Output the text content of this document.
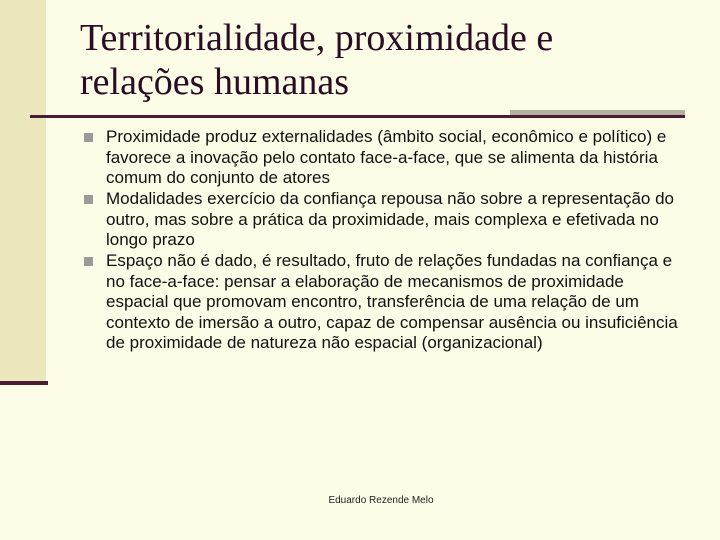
Territorialidade, proximidade e relações humanas
Proximidade produz externalidades (âmbito social, econômico e político) e favorece a inovação pelo contato face-a-face, que se alimenta da história comum do conjunto de atores
Modalidades exercício da confiança repousa não sobre a representação do outro, mas sobre a prática da proximidade, mais complexa e efetivada no longo prazo
Espaço não é dado, é resultado, fruto de relações fundadas na confiança e no face-a-face: pensar a elaboração de mecanismos de proximidade espacial que promovam encontro, transferência de uma relação de um contexto de imersão a outro, capaz de compensar ausência ou insuficiência de proximidade de natureza não espacial (organizacional)
Eduardo Rezende Melo
